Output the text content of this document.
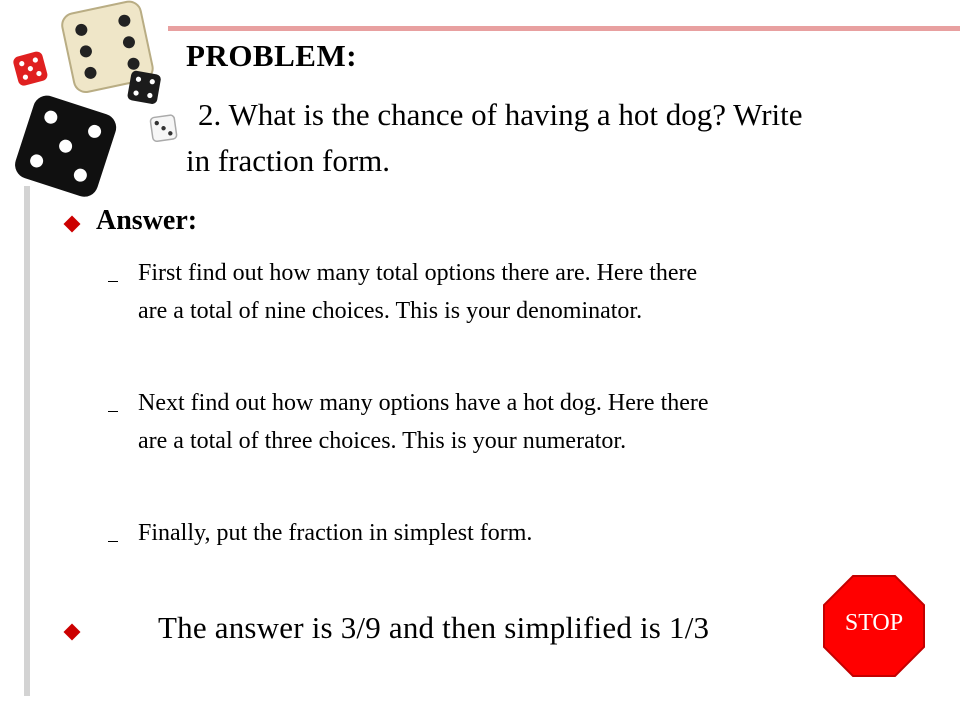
PROBLEM:
2. What is the chance of having a hot dog? Write
in fraction form.
Answer:
First find out how many total options there are. Here there
are a total of nine choices. This is your denominator.
Next find out how many options have a hot dog. Here there
are a total of three choices. This is your numerator.
Finally, put the fraction in simplest form.
The answer is 3/9 and then simplified is 1/3	STOP
